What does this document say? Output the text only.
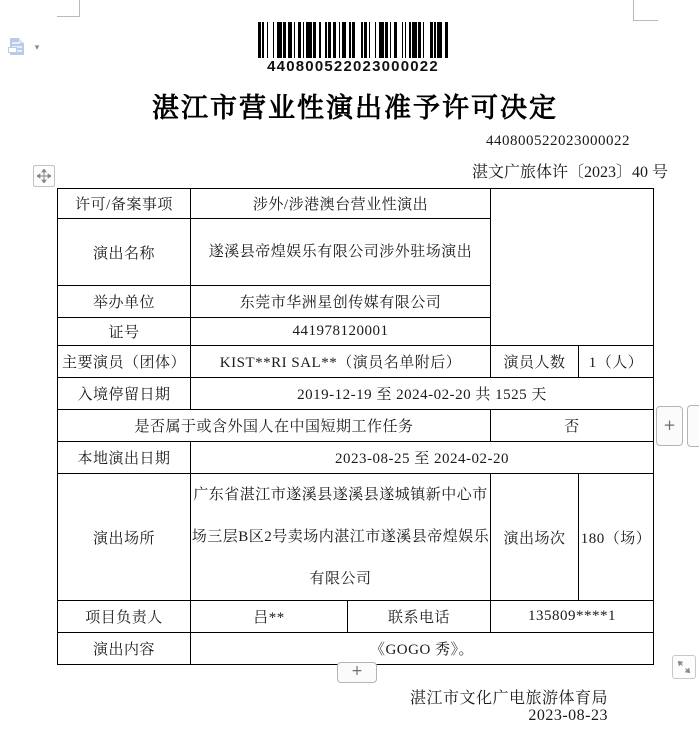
▾
440800522023000022
湛江市营业性演出准予许可决定
440800522023000022
湛文广旅体许〔2023〕40 号
许可/备案事项	涉外/涉港澳台营业性演出			
演出名称	遂溪县帝煌娱乐有限公司涉外驻场演出			
举办单位	东莞市华洲星创传媒有限公司			
证号	441978120001			
主要演员（团体）	KIST**RI SAL**（演员名单附后）		演员人数	1（人）
入境停留日期	2019-12-19 至 2024-02-20 共 1525 天			
是否属于或含外国人在中国短期工作任务			否	
本地演出日期	2023-08-25 至 2024-02-20			
演出场所	广东省湛江市遂溪县遂溪县遂城镇新中心市场三层B区2号卖场内湛江市遂溪县帝煌娱乐有限公司		演出场次	180（场）
项目负责人	吕**	联系电话	135809****1	
演出内容	《GOGO 秀》。			
+
+
湛江市文化广电旅游体育局
2023-08-23
